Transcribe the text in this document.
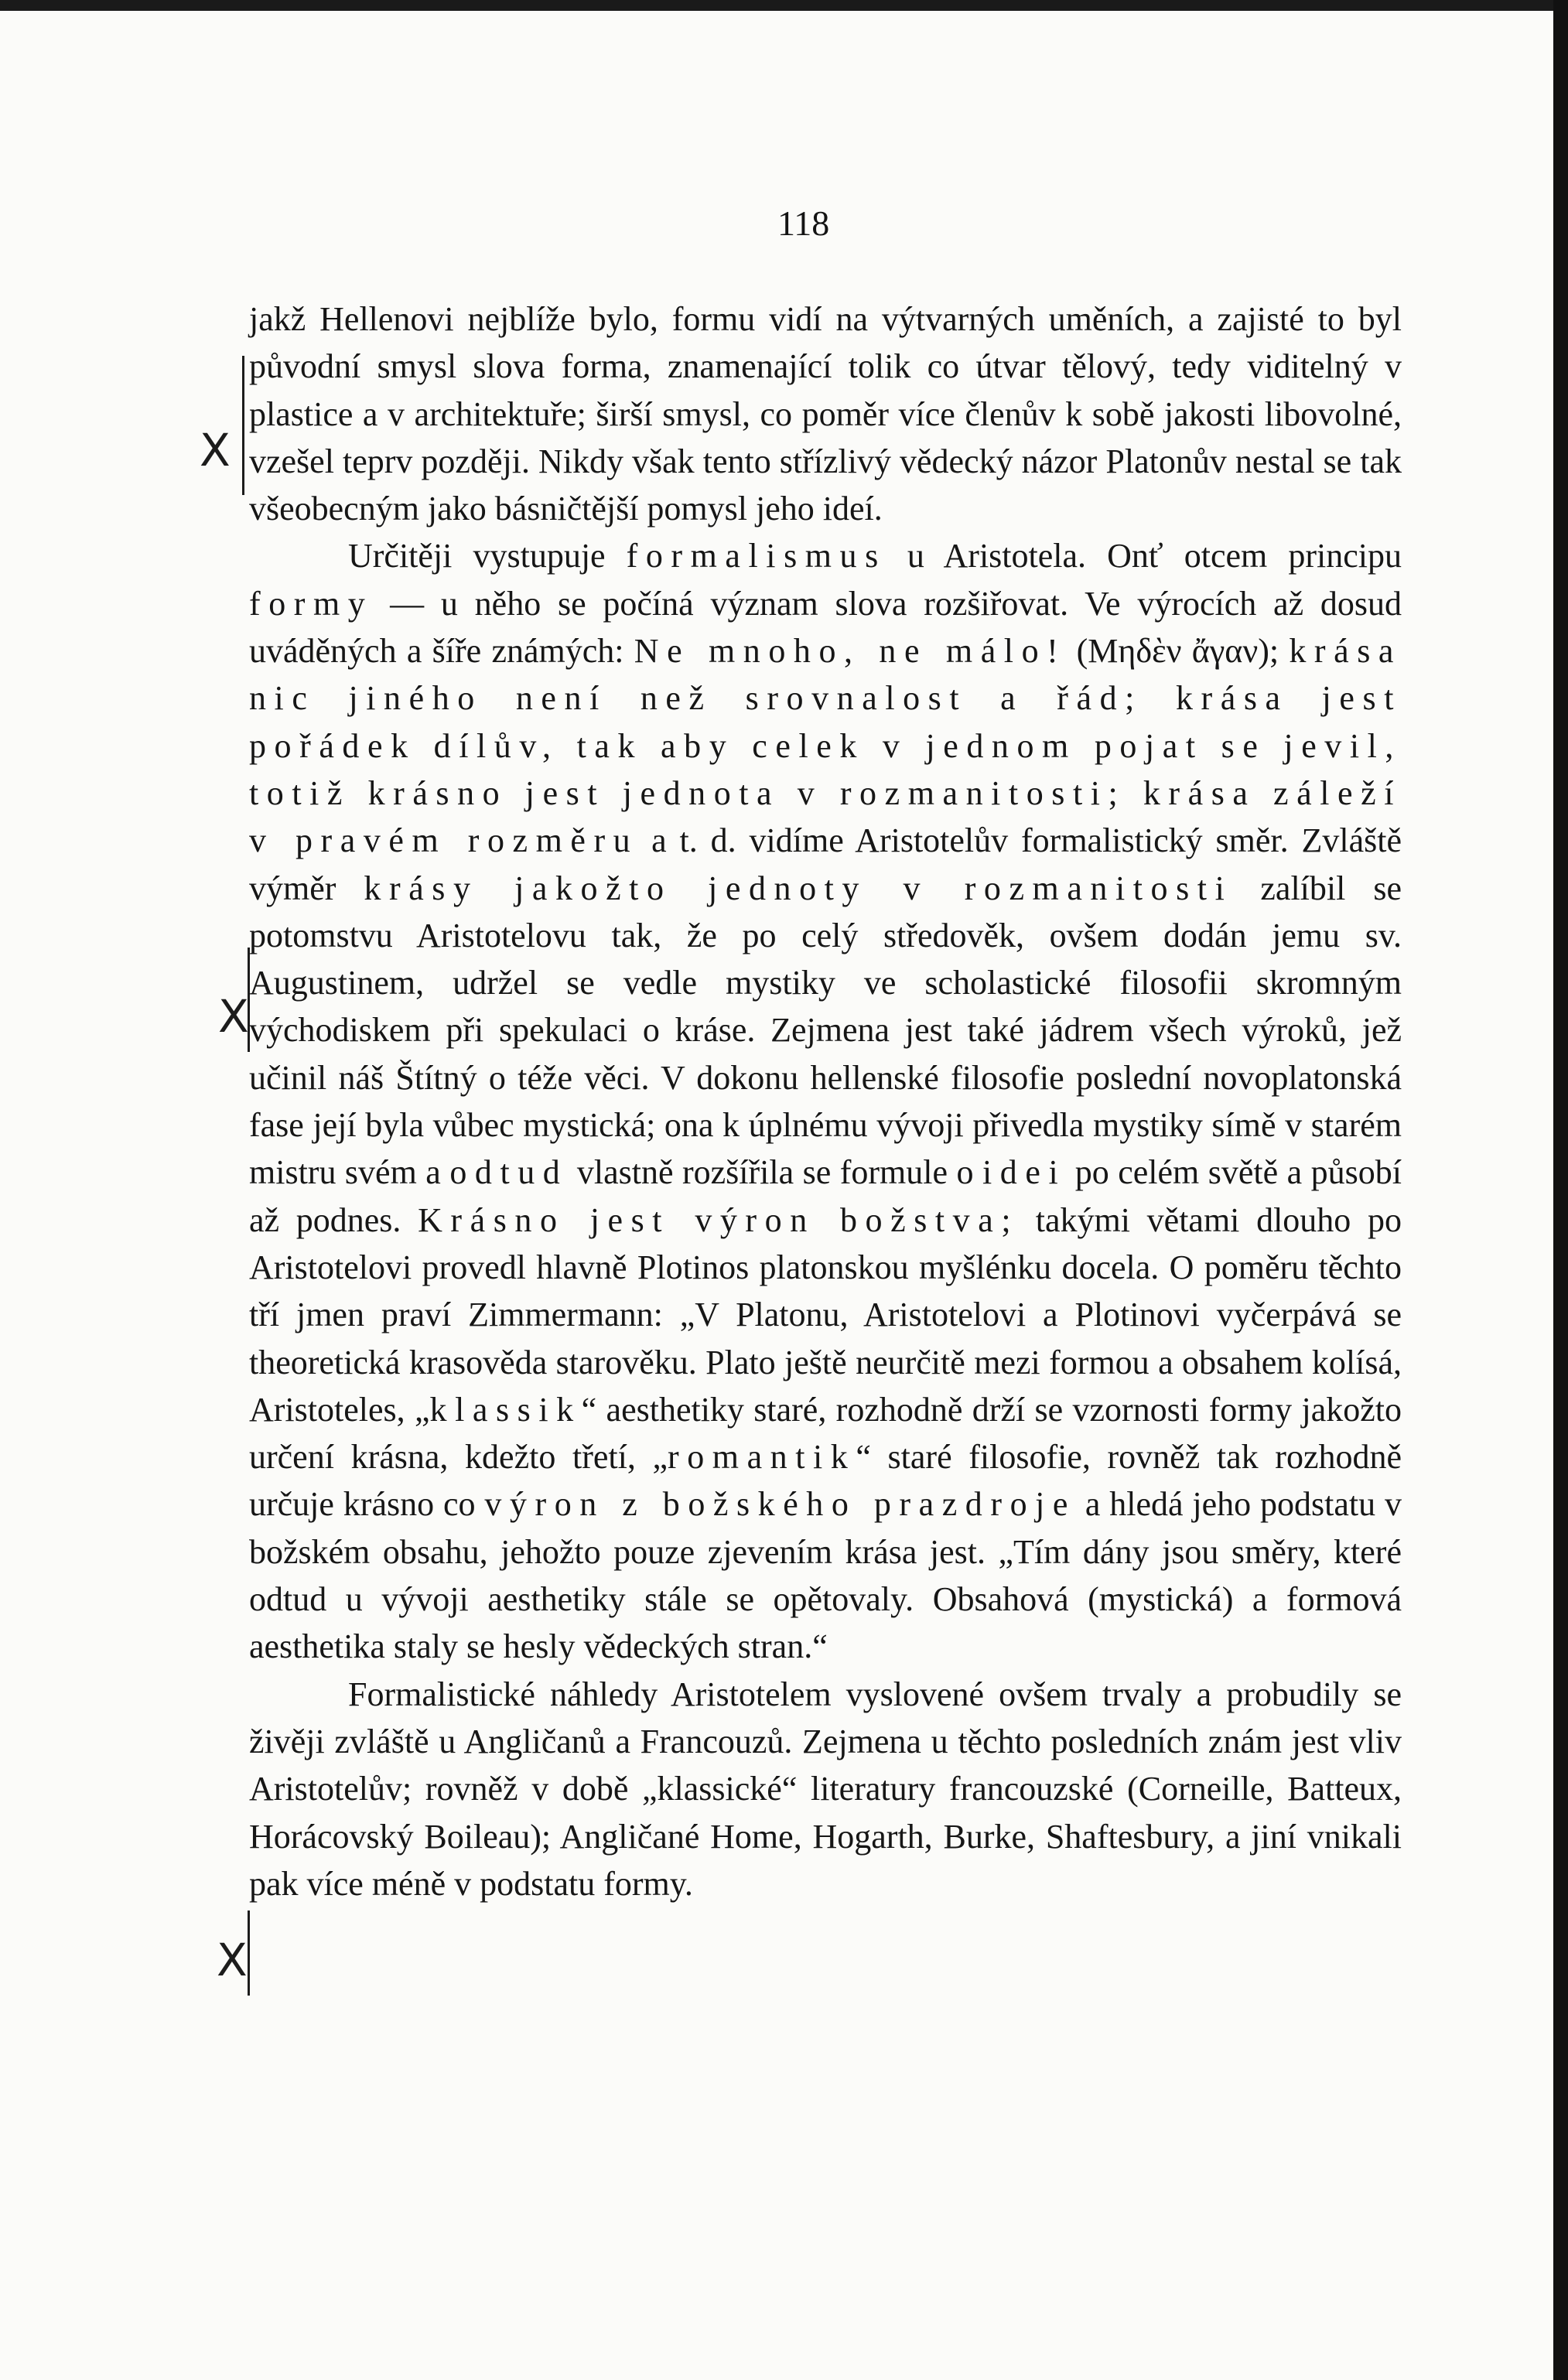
118
X
X
X

jakž Hellenovi nejblíže bylo, formu vidí na výtvarných uměních, a zajisté to byl původní smysl slova forma, znamenající tolik co útvar tělový, tedy viditelný v plastice a v architektuře; širší smysl, co poměr více členův k sobě jakosti libovolné, vzešel teprv později. Nikdy však tento střízlivý vědecký názor Platonův nestal se tak všeobecným jako básničtější pomysl jeho ideí.

Určitěji vystupuje formalismus u Aristotela. Onť otcem principu formy — u něho se počíná význam slova rozšiřovat. Ve výrocích až dosud uváděných a šíře známých: Ne mnoho, ne málo! (Μηδὲν ἄγαν); krása nic jiného není než srovnalost a řád; krása jest pořádek dílův, tak aby celek v jednom pojat se jevil, totiž krásno jest jednota v rozmanitosti; krása záleží v pravém rozměru a t. d. vidíme Aristotelův formalistický směr. Zvláště výměr krásy jakožto jednoty v rozmanitosti zalíbil se potomstvu Aristotelovu tak, že po celý středověk, ovšem dodán jemu sv. Augustinem, udržel se vedle mystiky ve scholastické filosofii skromným východiskem při spekulaci o kráse. Zejmena jest také jádrem všech výroků, jež učinil náš Štítný o téže věci. V dokonu hellenské filosofie poslední novoplatonská fase její byla vůbec mystická; ona k úplnému vývoji přivedla mystiky símě v starém mistru svém a odtud vlastně rozšířila se formule o idei po celém světě a působí až podnes. Krásno jest výron božstva; takými větami dlouho po Aristotelovi provedl hlavně Plotinos platonskou myšlénku docela. O poměru těchto tří jmen praví Zimmermann: „V Platonu, Aristotelovi a Plotinovi vyčerpává se theoretická krasověda starověku. Plato ještě neurčitě mezi formou a obsahem kolísá, Aristoteles, „klassik“ aesthetiky staré, rozhodně drží se vzornosti formy jakožto určení krásna, kdežto třetí, „romantik“ staré filosofie, rovněž tak rozhodně určuje krásno co výron z božského prazdroje a hledá jeho podstatu v božském obsahu, jehožto pouze zjevením krása jest. „Tím dány jsou směry, které odtud u vývoji aesthetiky stále se opětovaly. Obsahová (mystická) a formová aesthetika staly se hesly vědeckých stran.“

Formalistické náhledy Aristotelem vyslovené ovšem trvaly a probudily se živěji zvláště u Angličanů a Francouzů. Zejmena u těchto posledních znám jest vliv Aristotelův; rovněž v době „klassické“ literatury francouzské (Corneille, Batteux, Horácovský Boileau); Angličané Home, Hogarth, Burke, Shaftesbury, a jiní vnikali pak více méně v podstatu formy.
